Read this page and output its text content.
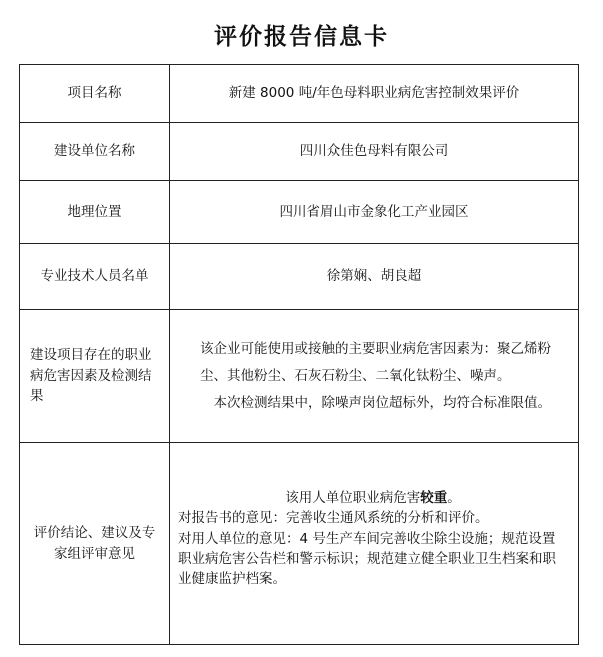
评价报告信息卡
项目名称	新建 8000 吨/年色母料职业病危害控制效果评价
建设单位名称	四川众佳色母料有限公司
地理位置	四川省眉山市金象化工产业园区
专业技术人员名单	徐第娴、胡良超
建设项目存在的职业病危害因素及检测结果	该企业可能使用或接触的主要职业病危害因素为：聚乙烯粉

尘、其他粉尘、石灰石粉尘、二氧化钛粉尘、噪声。

本次检测结果中，除噪声岗位超标外，均符合标准限值。

评价结论、建议及专家组评审意见	该用人单位职业病危害较重。

对报告书的意见：完善收尘通风系统的分析和评价。

对用人单位的意见：4 号生产车间完善收尘除尘设施；规范设置职业病危害公告栏和警示标识；规范建立健全职业卫生档案和职业健康监护档案。
